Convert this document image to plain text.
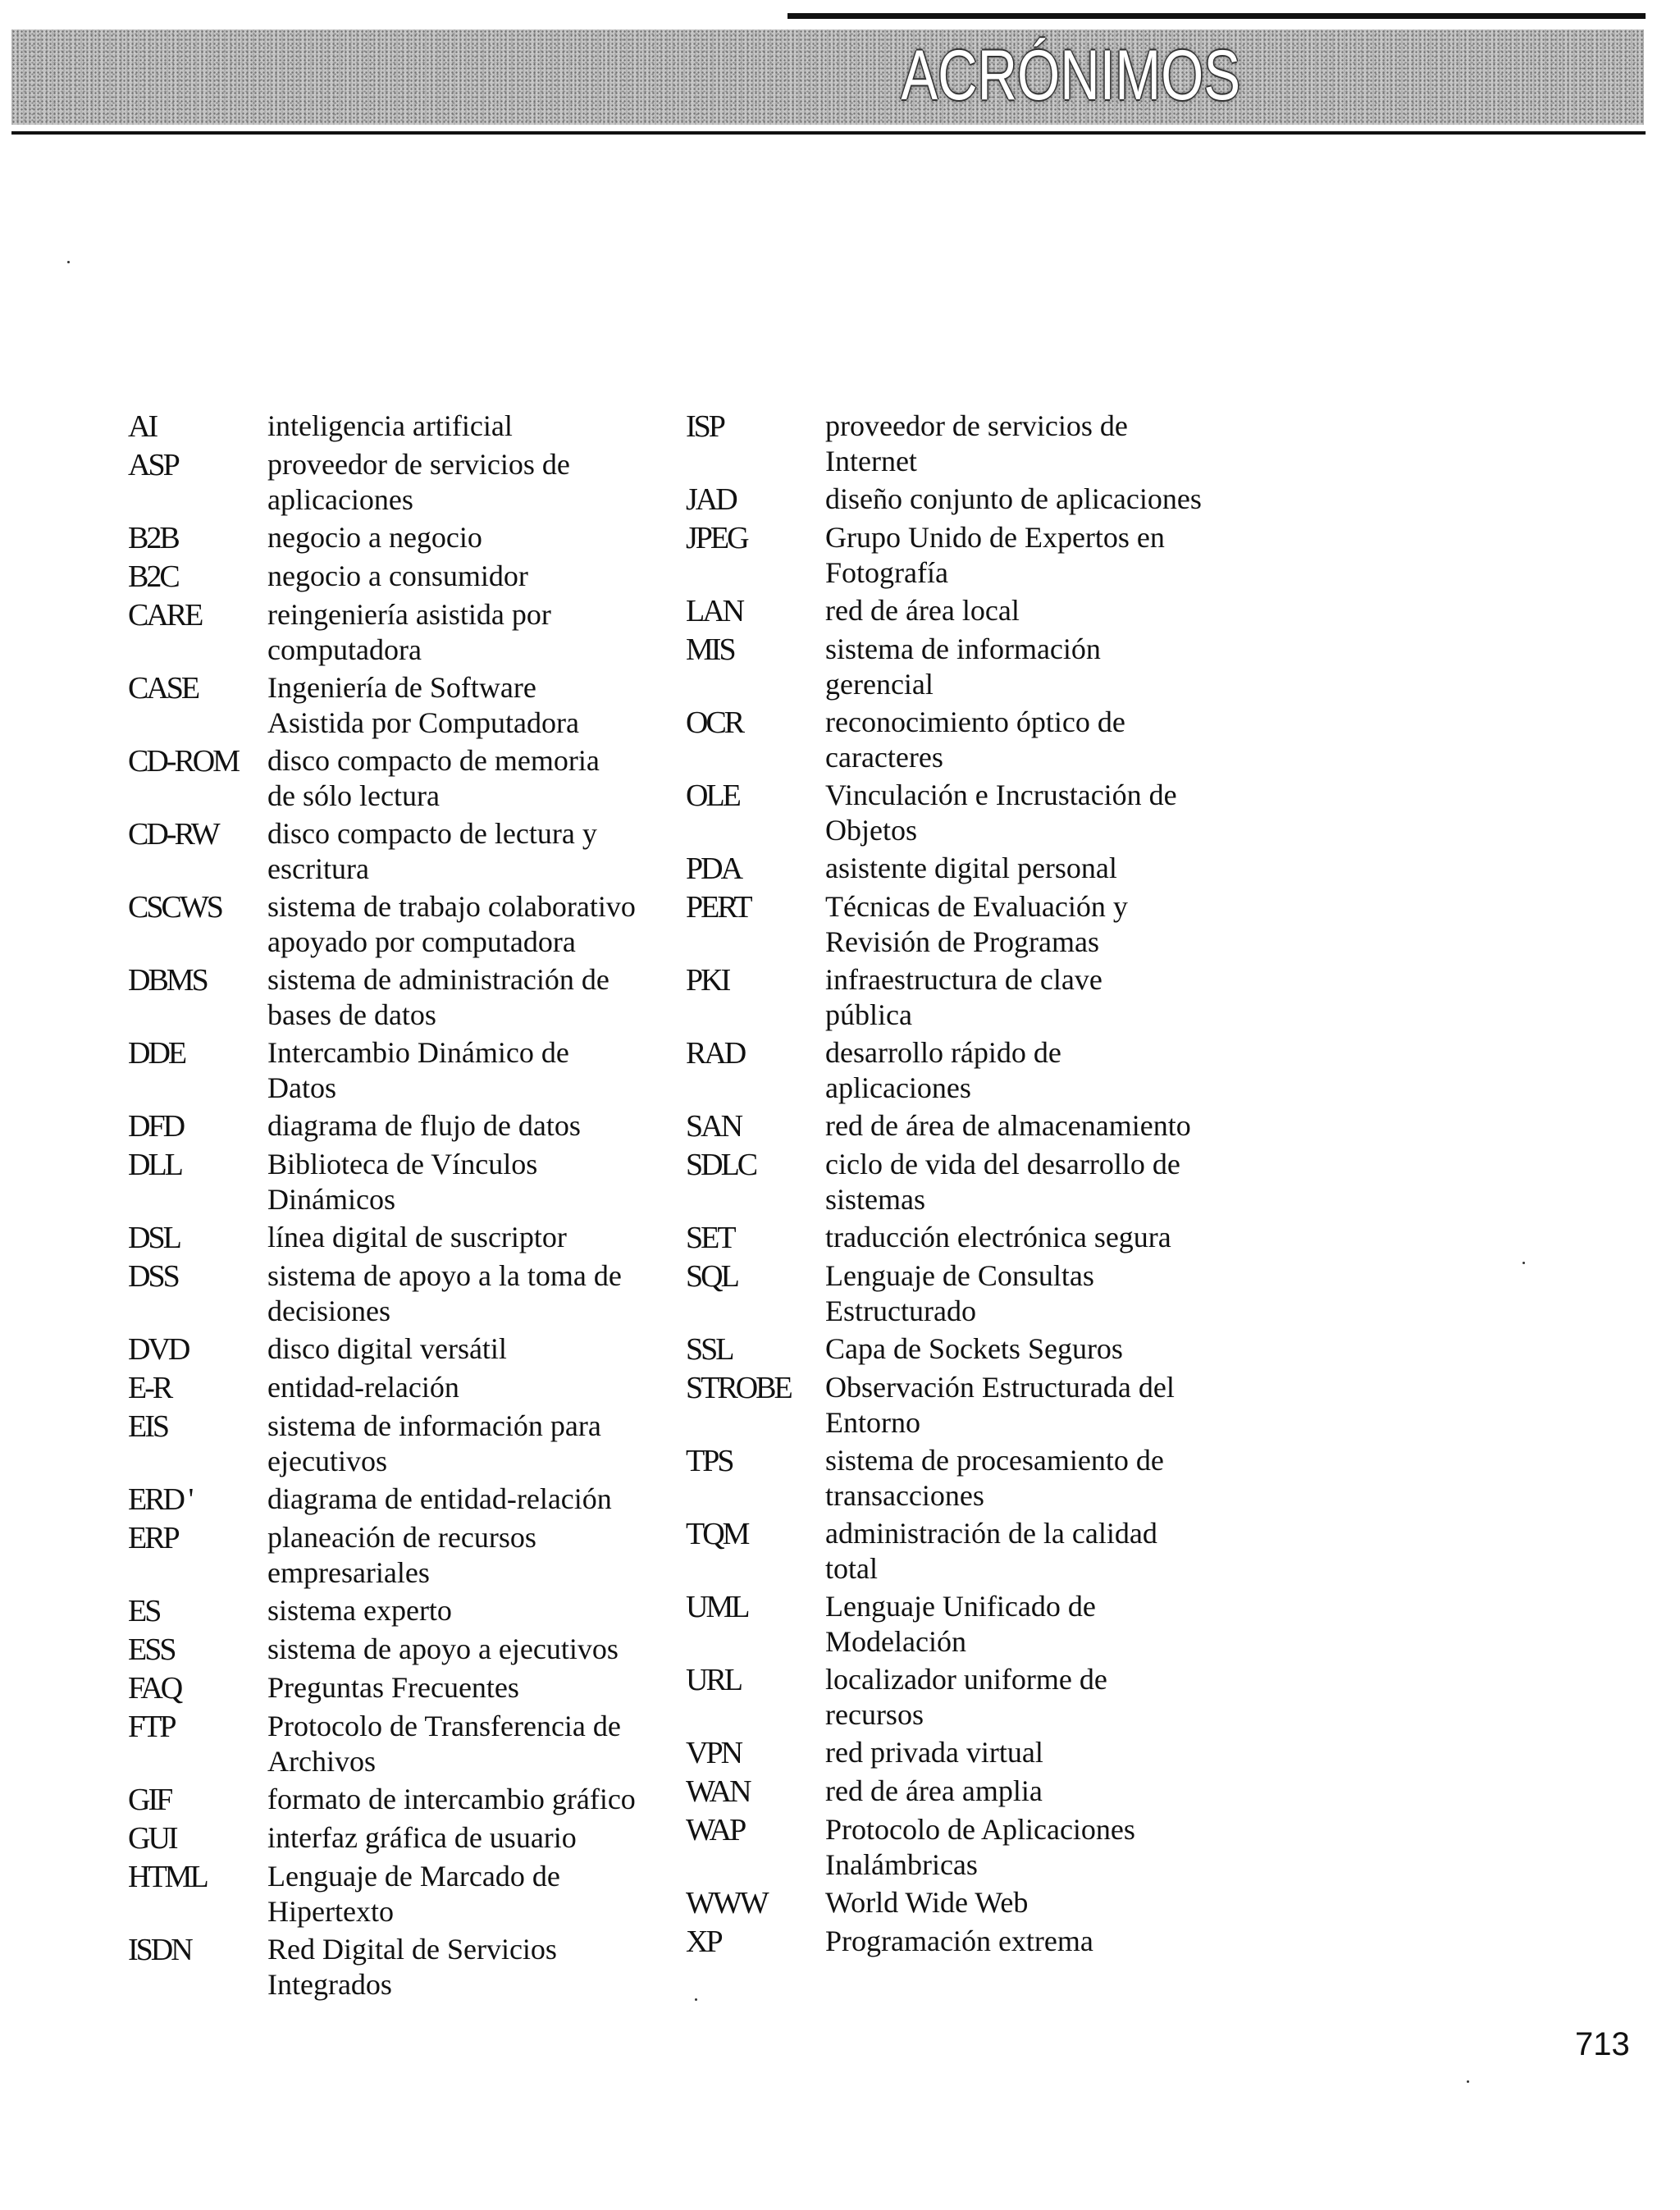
ACRÓNIMOS
AI	inteligencia artificial
ASP	proveedor de servicios de
aplicaciones
B2B	negocio a negocio
B2C	negocio a consumidor
CARE	reingeniería asistida por
computadora
CASE	Ingeniería de Software
Asistida por Computadora
CD-ROM disco compacto de memoria
de sólo lectura
CD-RW	disco compacto de lectura y
escritura
CSCWS	sistema de trabajo colaborativo
apoyado por computadora
DBMS	sistema de administración de
bases de datos
DDE	Intercambio Dinámico de
Datos
DFD	diagrama de flujo de datos
DLL	Biblioteca de Vínculos
Dinámicos
DSL	línea digital de suscriptor
DSS	sistema de apoyo a la toma de
decisiones
DVD	disco digital versátil
E-R	entidad-relación
EIS	sistema de información para
ejecutivos
ERD '	diagrama de entidad-relación
ERP	planeación de recursos
empresariales
ES	sistema experto
ESS	sistema de apoyo a ejecutivos
FAQ	Preguntas Frecuentes
FTP	Protocolo de Transferencia de
Archivos
GIF	formato de intercambio gráfico
GUI	interfaz gráfica de usuario
HTML	Lenguaje de Marcado de
Hipertexto
ISDN	Red Digital de Servicios
Integrados
ISP	proveedor de servicios de
Internet
JAD	diseño conjunto de aplicaciones
JPEG	Grupo Unido de Expertos en
Fotografía
LAN	red de área local
MIS	sistema de información
gerencial
OCR	reconocimiento óptico de
caracteres
OLE	Vinculación e Incrustación de
Objetos
PDA	asistente digital personal
PERT	Técnicas de Evaluación y
Revisión de Programas
PKI	infraestructura de clave
pública
RAD	desarrollo rápido de
aplicaciones
SAN	red de área de almacenamiento
SDLC	ciclo de vida del desarrollo de
sistemas
SET	traducción electrónica segura
SQL	Lenguaje de Consultas
Estructurado
SSL	Capa de Sockets Seguros
STROBE	Observación Estructurada del
Entorno
TPS	sistema de procesamiento de
transacciones
TQM	administración de la calidad
total
UML	Lenguaje Unificado de
Modelación
URL	localizador uniforme de
recursos
VPN	red privada virtual
WAN	red de área amplia
WAP	Protocolo de Aplicaciones
Inalámbricas
WWW	World Wide Web
XP	Programación extrema
713
